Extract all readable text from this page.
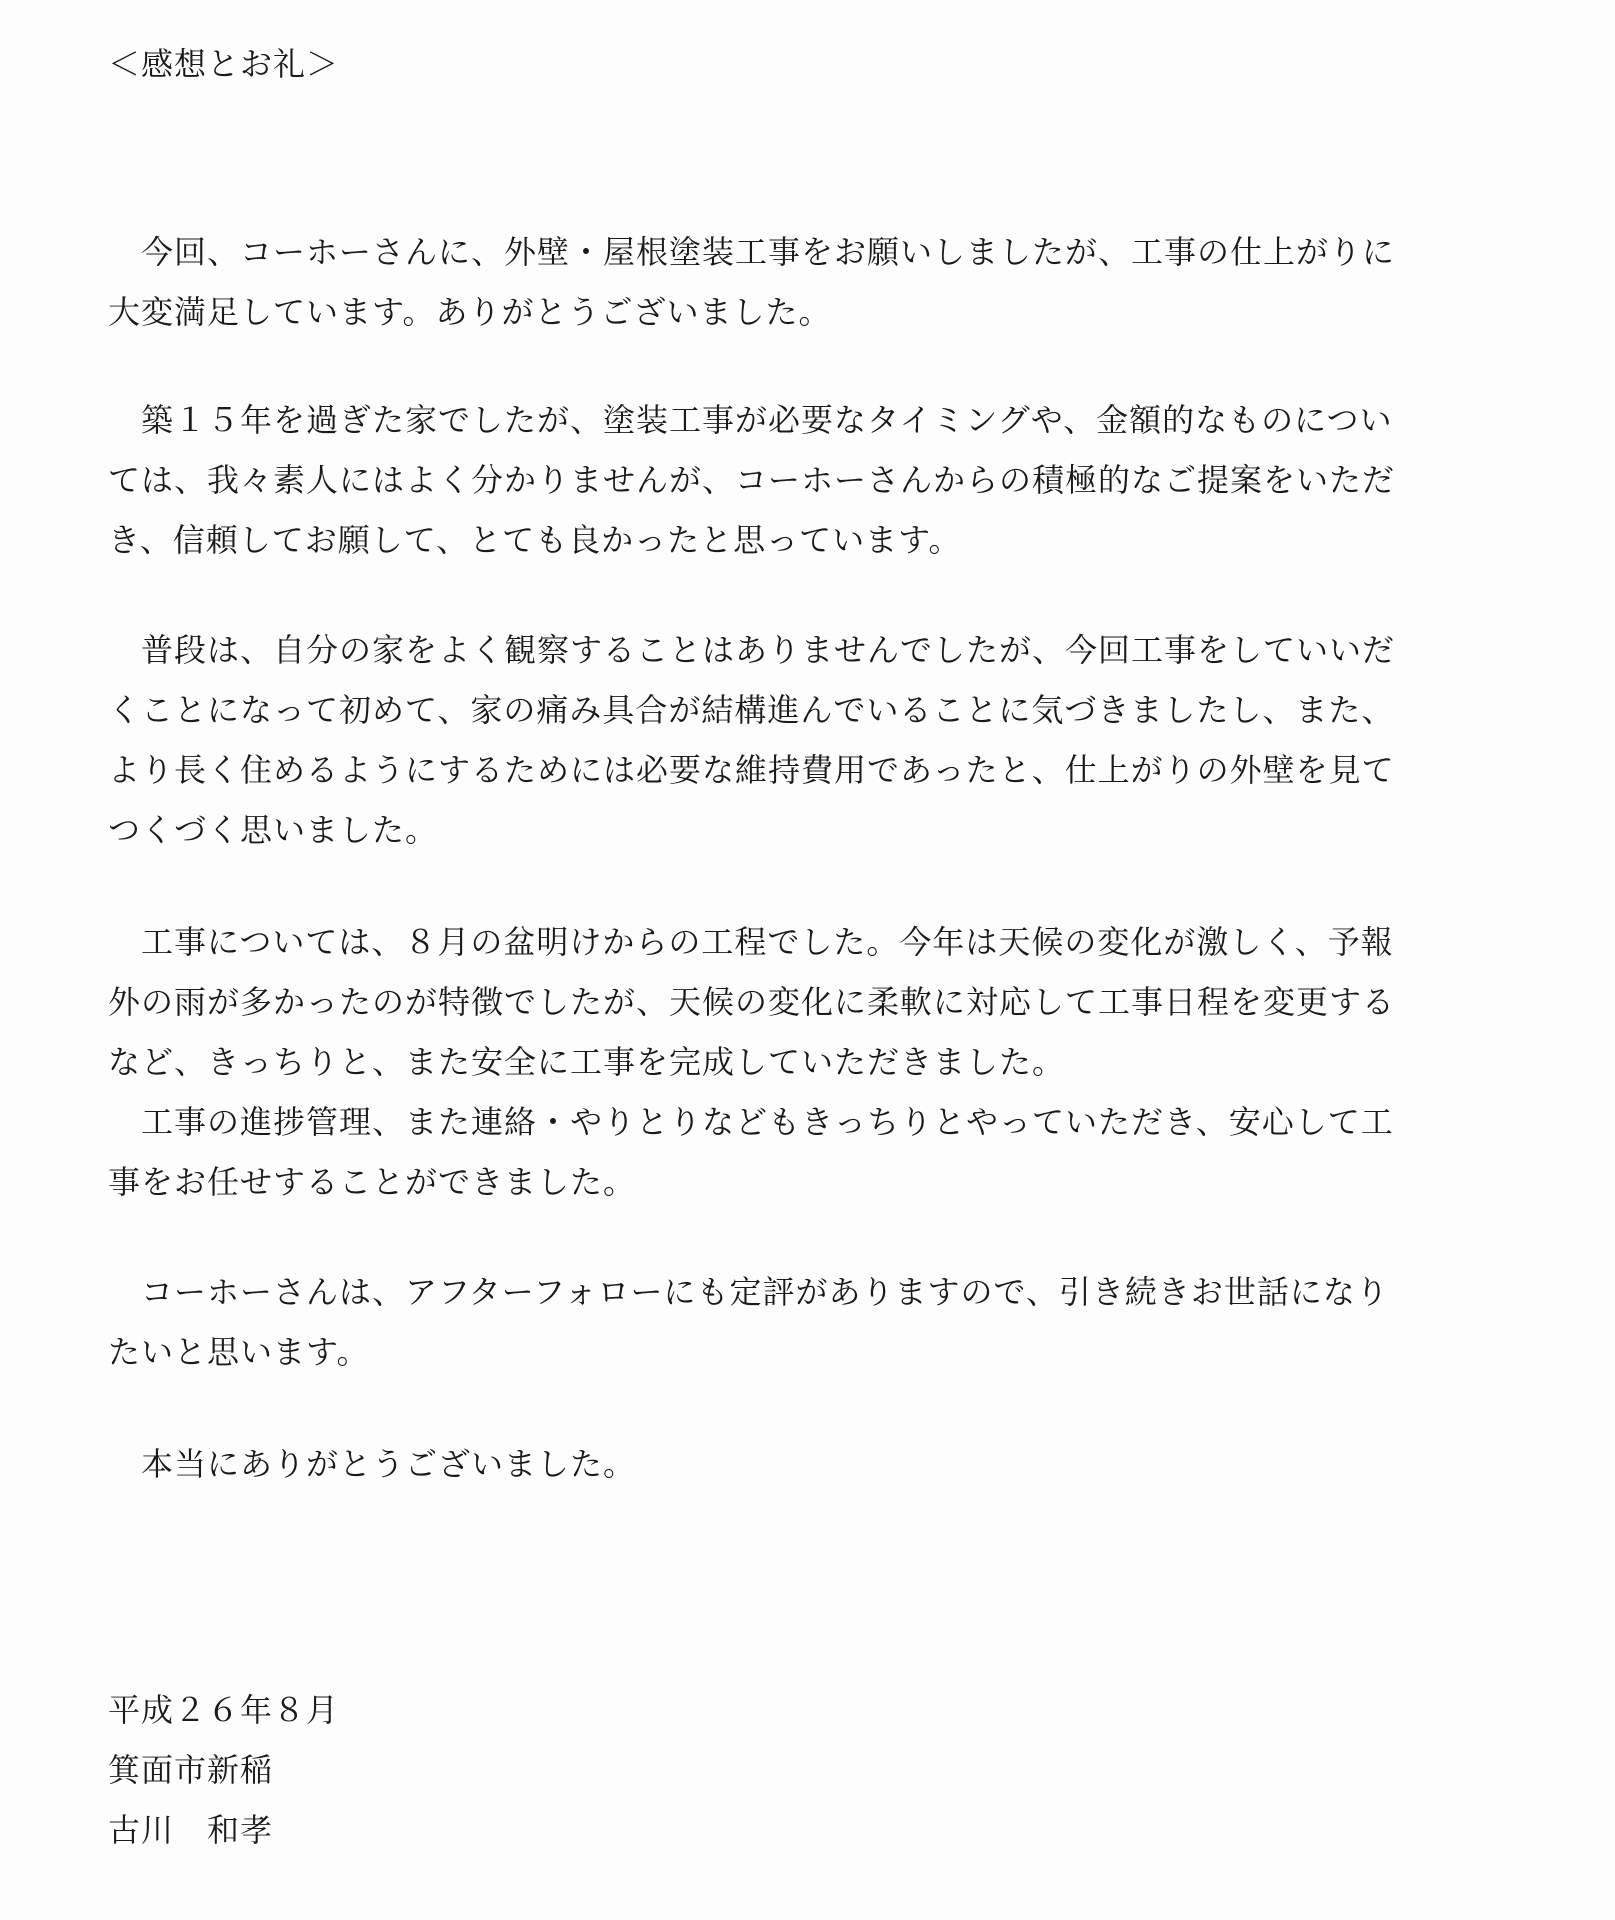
＜感想とお礼＞
　今回、コーホーさんに、外壁・屋根塗装工事をお願いしましたが、工事の仕上がりに
大変満足しています。ありがとうございました。
　築１５年を過ぎた家でしたが、塗装工事が必要なタイミングや、金額的なものについ
ては、我々素人にはよく分かりませんが、コーホーさんからの積極的なご提案をいただ
き、信頼してお願して、とても良かったと思っています。
　普段は、自分の家をよく観察することはありませんでしたが、今回工事をしていいだ
くことになって初めて、家の痛み具合が結構進んでいることに気づきましたし、また、
より長く住めるようにするためには必要な維持費用であったと、仕上がりの外壁を見て
つくづく思いました。
　工事については、８月の盆明けからの工程でした。今年は天候の変化が激しく、予報
外の雨が多かったのが特徴でしたが、天候の変化に柔軟に対応して工事日程を変更する
など、きっちりと、また安全に工事を完成していただきました。
　工事の進捗管理、また連絡・やりとりなどもきっちりとやっていただき、安心して工
事をお任せすることができました。
　コーホーさんは、アフターフォローにも定評がありますので、引き続きお世話になり
たいと思います。
　本当にありがとうございました。
平成２６年８月
箕面市新稲
古川　和孝
